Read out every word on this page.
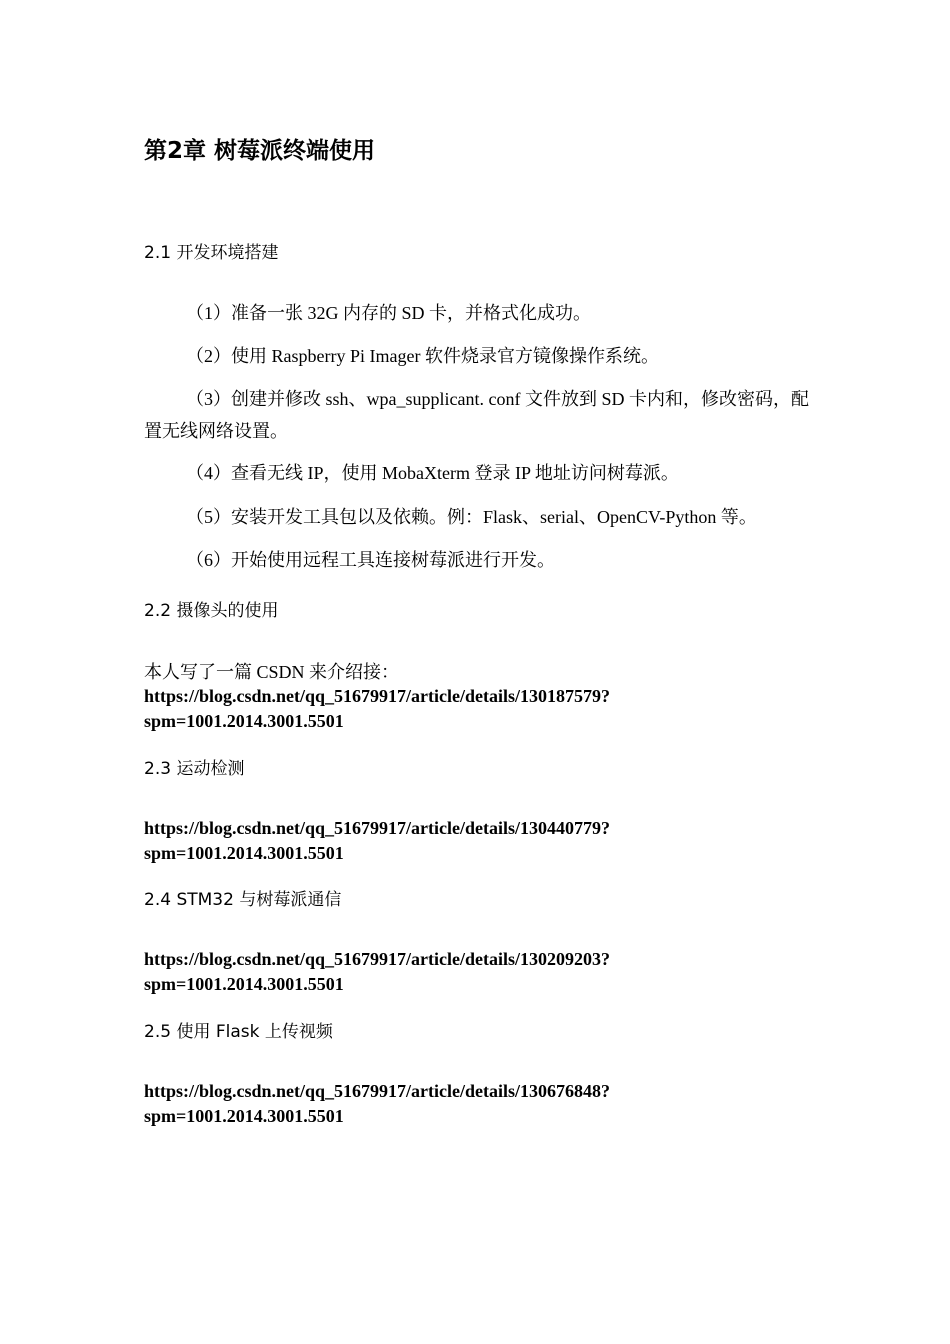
第2章 树莓派终端使用
2.1 开发环境搭建

（1）准备一张 32G 内存的 SD 卡，并格式化成功。

（2）使用 Raspberry Pi Imager 软件烧录官方镜像操作系统。

（3）创建并修改 ssh、wpa_supplicant. conf 文件放到 SD 卡内和，修改密码，配置无线网络设置。

（4）查看无线 IP，使用 MobaXterm 登录 IP 地址访问树莓派。

（5）安装开发工具包以及依赖。例：Flask、serial、OpenCV-Python 等。

（6）开始使用远程工具连接树莓派进行开发。

2.2 摄像头的使用

本人写了一篇 CSDN 来介绍接：

https://blog.csdn.net/qq_51679917/article/details/130187579?
spm=1001.2014.3001.5501

2.3 运动检测

https://blog.csdn.net/qq_51679917/article/details/130440779?
spm=1001.2014.3001.5501

2.4 STM32 与树莓派通信

https://blog.csdn.net/qq_51679917/article/details/130209203?
spm=1001.2014.3001.5501

2.5 使用 Flask 上传视频

https://blog.csdn.net/qq_51679917/article/details/130676848?
spm=1001.2014.3001.5501
